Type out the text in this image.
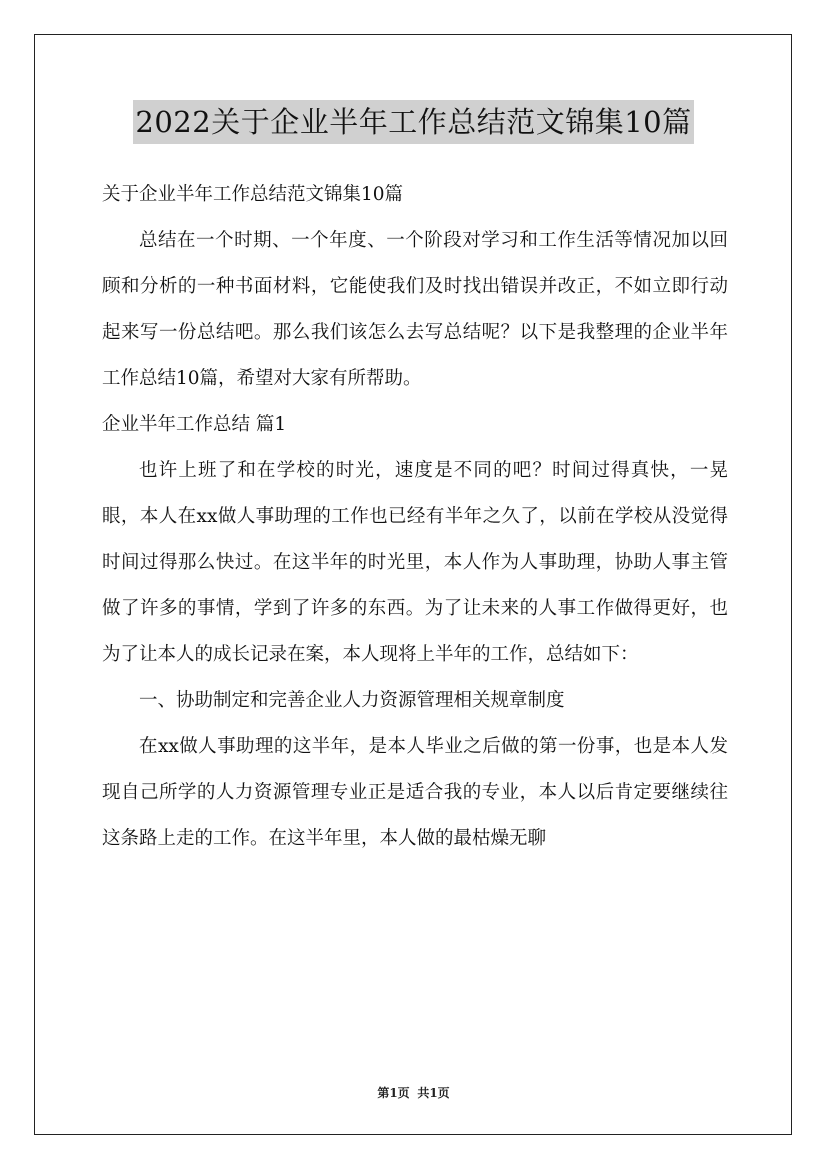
2022关于企业半年工作总结范文锦集10篇

关于企业半年工作总结范文锦集10篇

总结在一个时期、一个年度、一个阶段对学习和工作生活等情况加以回顾和分析的一种书面材料，它能使我们及时找出错误并改正，不如立即行动起来写一份总结吧。那么我们该怎么去写总结呢？以下是我整理的企业半年工作总结10篇，希望对大家有所帮助。

企业半年工作总结 篇1

也许上班了和在学校的时光，速度是不同的吧？时间过得真快，一晃眼，本人在xx做人事助理的工作也已经有半年之久了，以前在学校从没觉得时间过得那么快过。在这半年的时光里，本人作为人事助理，协助人事主管做了许多的事情，学到了许多的东西。为了让未来的人事工作做得更好，也为了让本人的成长记录在案，本人现将上半年的工作，总结如下：

一、协助制定和完善企业人力资源管理相关规章制度

在xx做人事助理的这半年，是本人毕业之后做的第一份事，也是本人发现自己所学的人力资源管理专业正是适合我的专业，本人以后肯定要继续往这条路上走的工作。在这半年里，本人做的最枯燥无聊

第1页 共1页
